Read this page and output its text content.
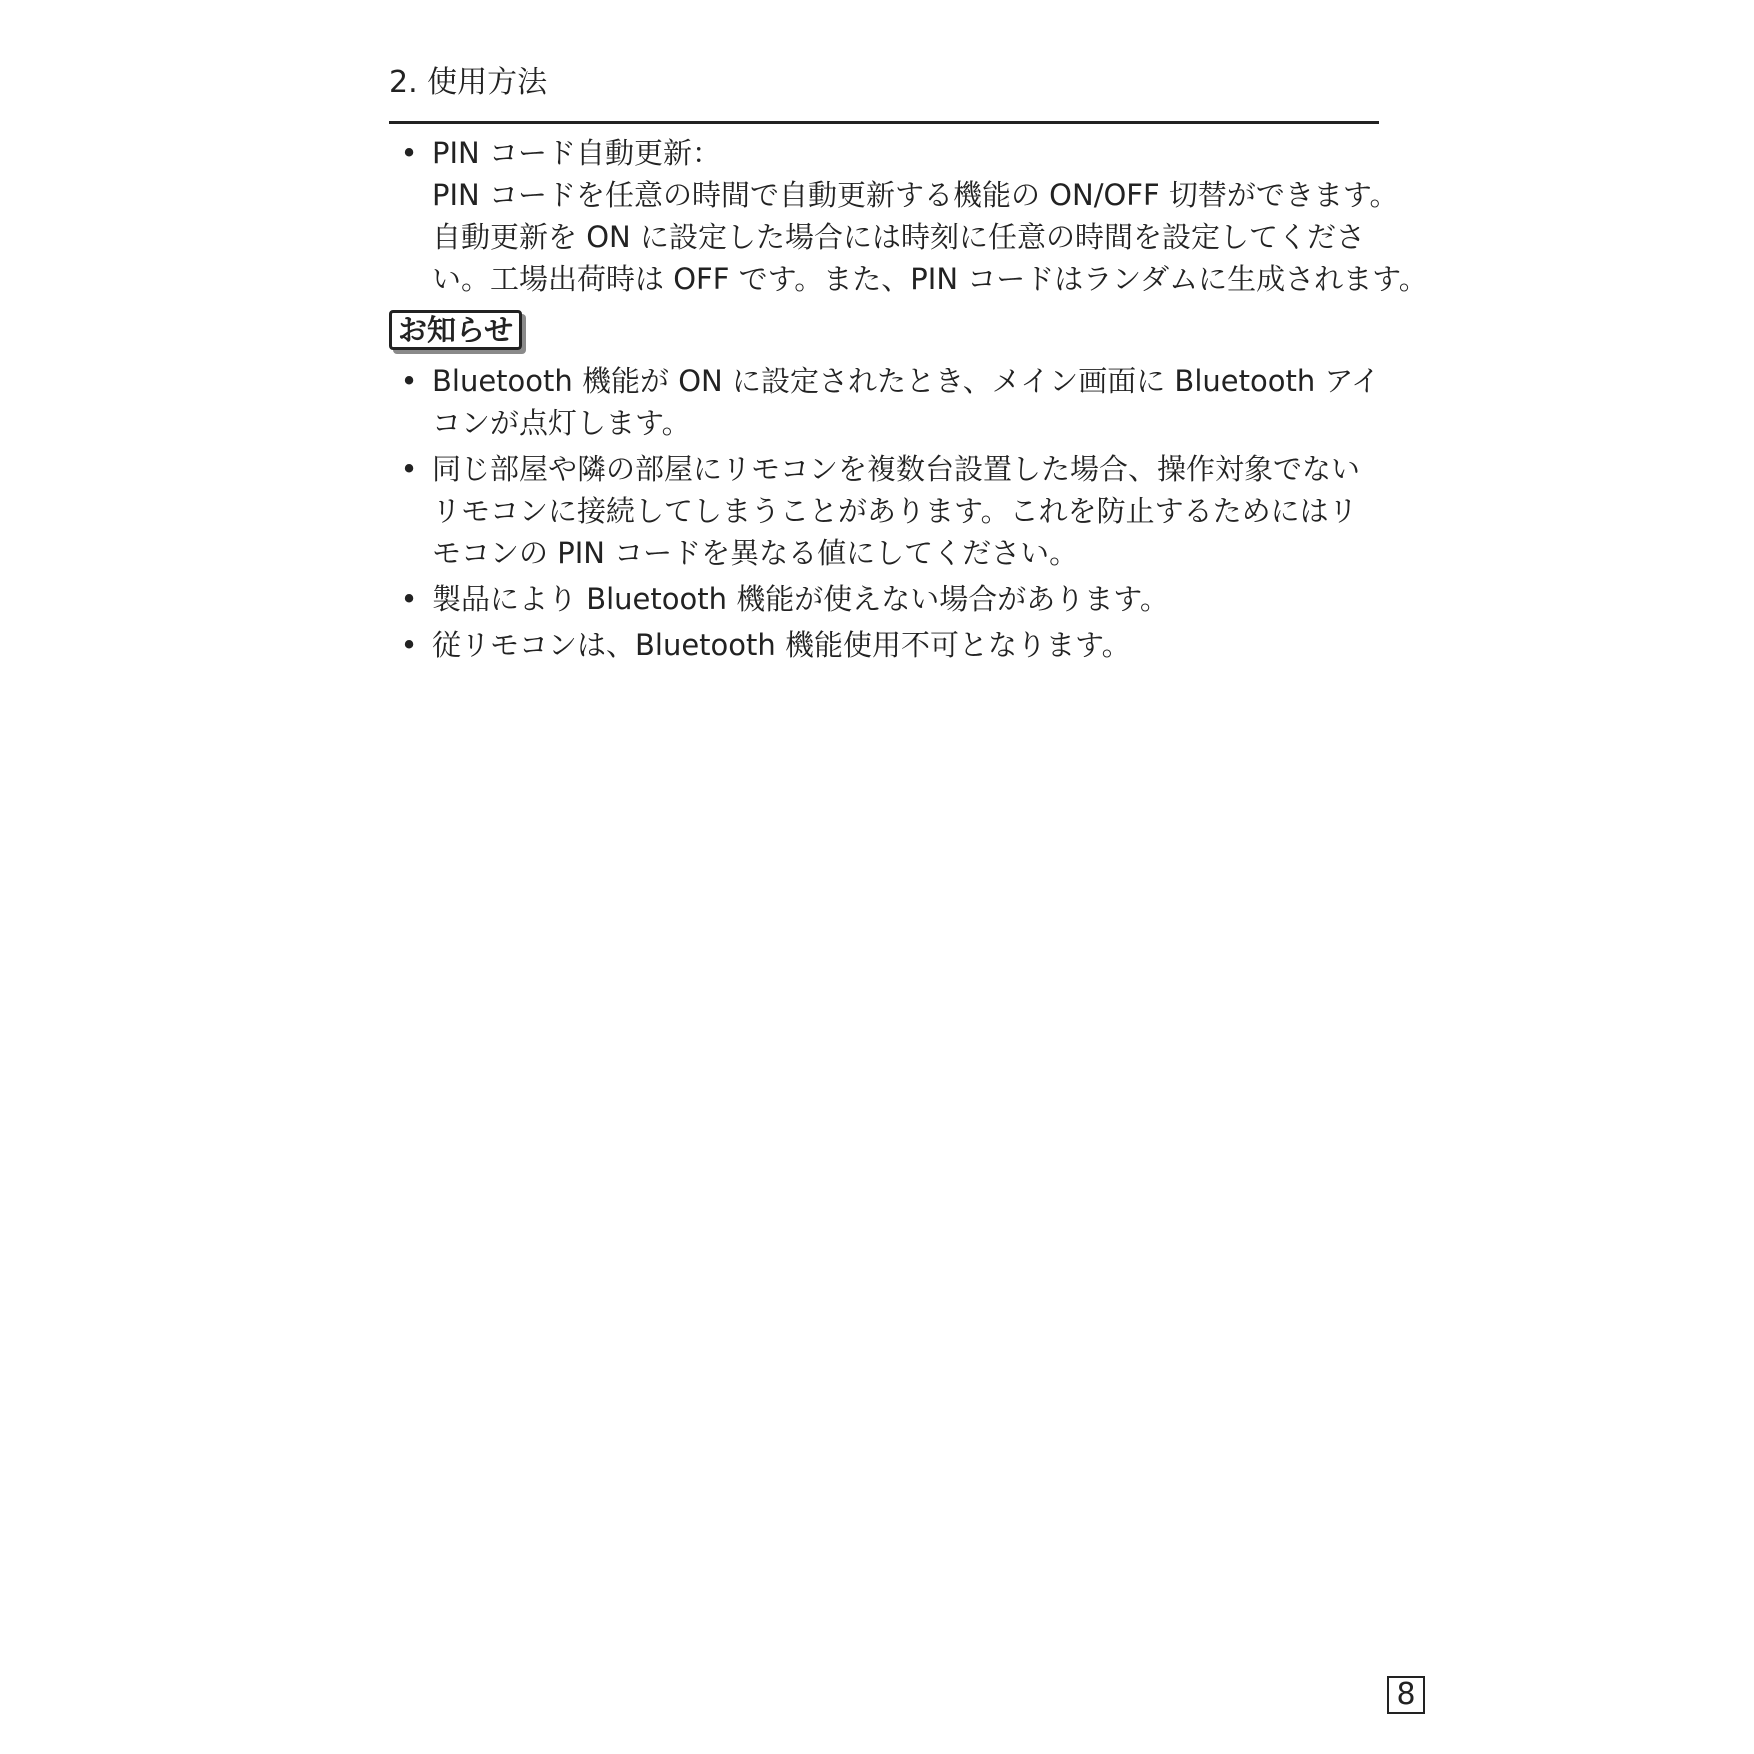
2. 使用方法
• PIN コード自動更新：
PIN コードを任意の時間で自動更新する機能の ON/OFF 切替ができます。
自動更新を ON に設定した場合には時刻に任意の時間を設定してくださ
い。工場出荷時は OFF です。また、PIN コードはランダムに生成されます。
お知らせ
• Bluetooth 機能が ON に設定されたとき、メイン画面に Bluetooth アイ
コンが点灯します。
• 同じ部屋や隣の部屋にリモコンを複数台設置した場合、操作対象でない
リモコンに接続してしまうことがあります。これを防止するためにはリ
モコンの PIN コードを異なる値にしてください。
• 製品により Bluetooth 機能が使えない場合があります。
• 従リモコンは、Bluetooth 機能使用不可となります。
8
